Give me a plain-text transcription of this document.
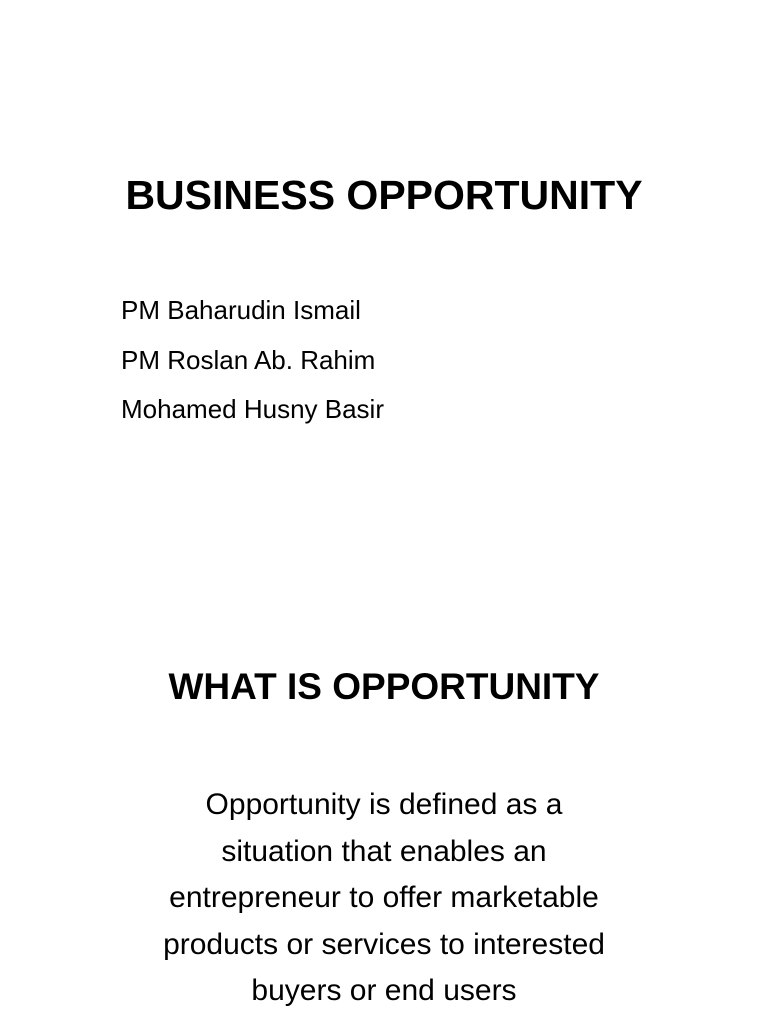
BUSINESS OPPORTUNITY
PM Baharudin Ismail
PM Roslan Ab. Rahim
Mohamed Husny Basir
WHAT IS OPPORTUNITY
Opportunity is defined as a
situation that enables an
entrepreneur to offer marketable
products or services to interested
buyers or end users
